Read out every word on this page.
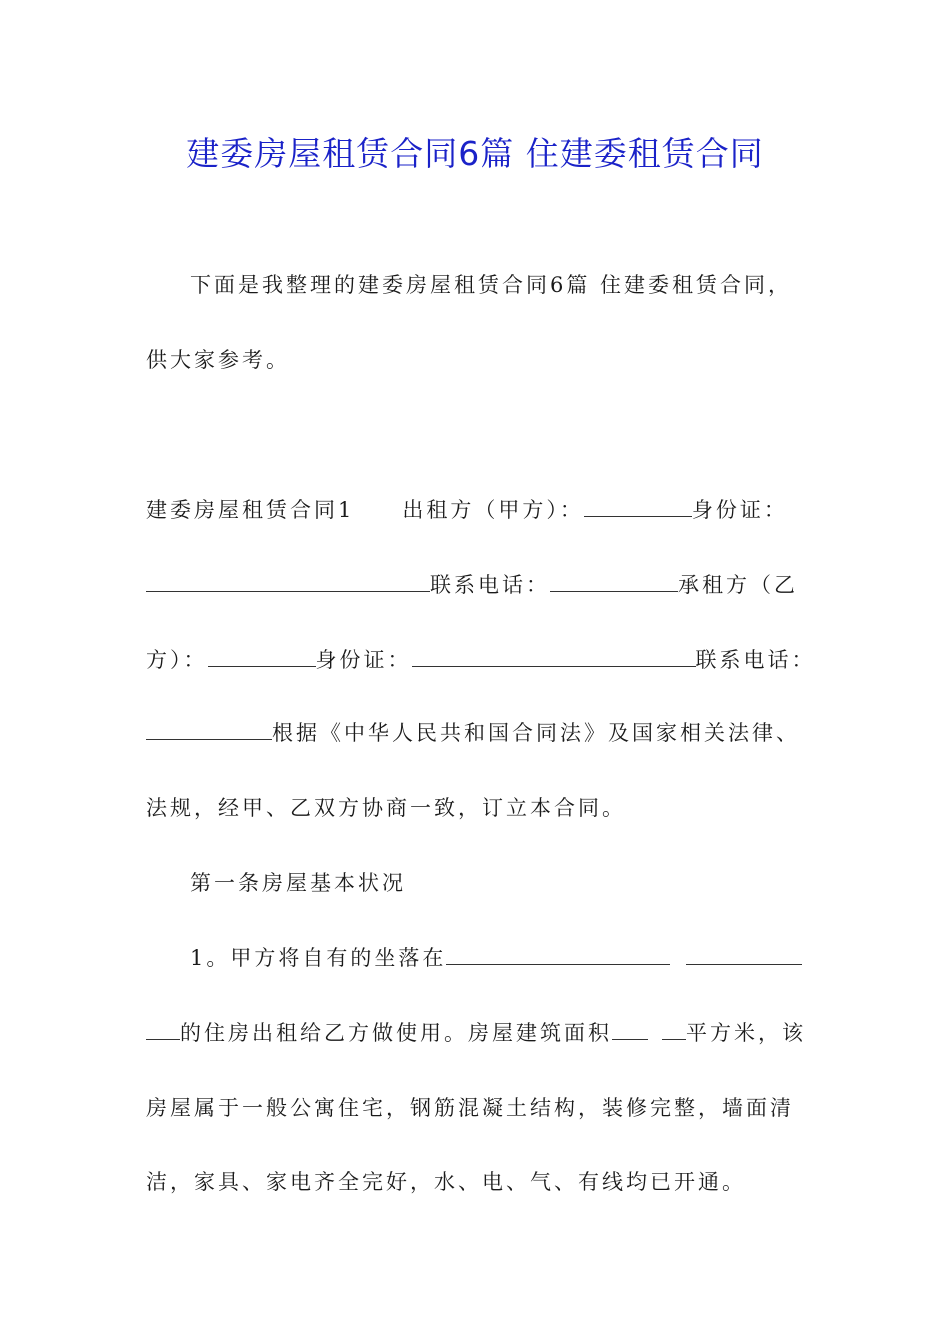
建委房屋租赁合同6篇 住建委租赁合同
下面是我整理的建委房屋租赁合同6篇 住建委租赁合同，
供大家参考。
建委房屋租赁合同1 出租方（甲方）：	身份证：
联系电话：	承租方（乙
方）：	身份证：	联系电话：
根据《中华人民共和国合同法》及国家相关法律、
法规，经甲、乙双方协商一致，订立本合同。
第一条房屋基本状况
1。甲方将自有的坐落在
的住房出租给乙方做使用。房屋建筑面积	平方米，该
房屋属于一般公寓住宅，钢筋混凝土结构，装修完整，墙面清
洁，家具、家电齐全完好，水、电、气、有线均已开通。
